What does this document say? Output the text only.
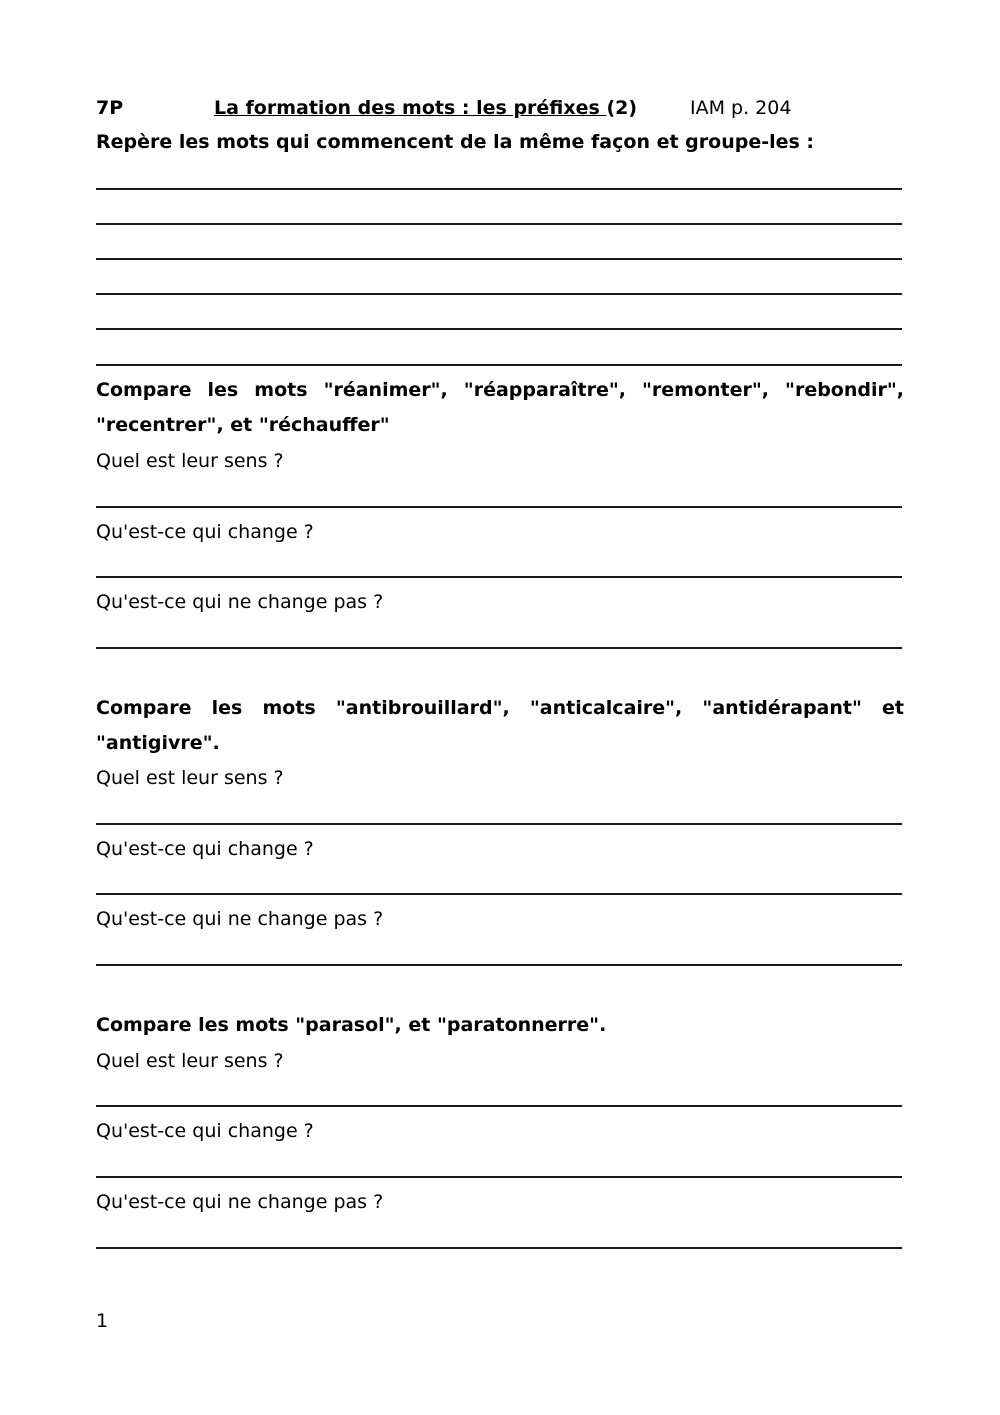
7P	La formation des mots : les préfixes (2)	IAM p. 204
Repère les mots qui commencent de la même façon et groupe-les :
Compare les mots "réanimer", "réapparaître", "remonter", "rebondir",
"recentrer", et "réchauffer"
Quel est leur sens ?
Qu'est-ce qui change ?
Qu'est-ce qui ne change pas ?
Compare les mots "antibrouillard", "anticalcaire", "antidérapant" et
"antigivre".
Quel est leur sens ?
Qu'est-ce qui change ?
Qu'est-ce qui ne change pas ?
Compare les mots "parasol", et "paratonnerre".
Quel est leur sens ?
Qu'est-ce qui change ?
Qu'est-ce qui ne change pas ?
1
